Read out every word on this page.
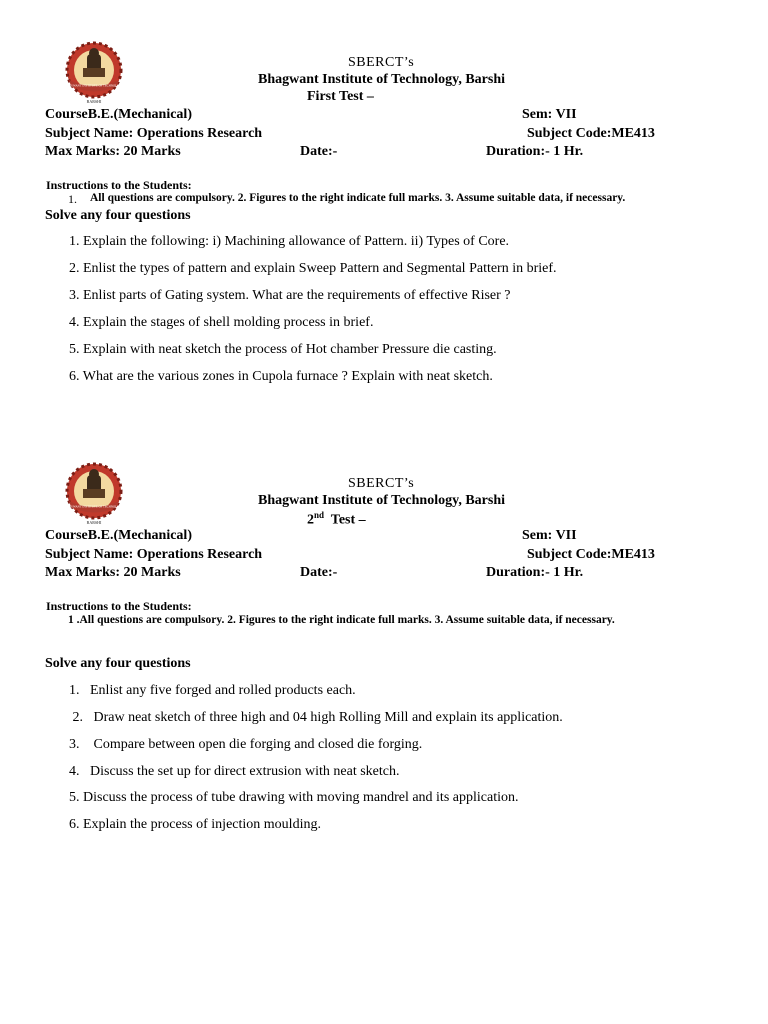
BHAGWANT INSTITUTE OF TECHNOLOGY
BARSHI
SBERCT’s
Bhagwant Institute of Technology, Barshi
First Test –
CourseB.E.(Mechanical)	Sem: VII
Subject Name: Operations Research	Subject Code:ME413
Max Marks: 20 Marks	Date:-	Duration:- 1 Hr.
Instructions to the Students:
1. All questions are compulsory. 2. Figures to the right indicate full marks. 3. Assume suitable data, if necessary.
Solve any four questions
1. Explain the following: i) Machining allowance of Pattern. ii) Types of Core.
2. Enlist the types of pattern and explain Sweep Pattern and Segmental Pattern in brief.
3. Enlist parts of Gating system. What are the requirements of effective Riser ?
4. Explain the stages of shell molding process in brief.
5. Explain with neat sketch the process of Hot chamber Pressure die casting.
6. What are the various zones in Cupola furnace ? Explain with neat sketch.
BHAGWANT INSTITUTE OF TECHNOLOGY
BARSHI
SBERCT’s
Bhagwant Institute of Technology, Barshi
2nd  Test –
CourseB.E.(Mechanical)	Sem: VII
Subject Name: Operations Research	Subject Code:ME413
Max Marks: 20 Marks	Date:-	Duration:- 1 Hr.
Instructions to the Students:
1 .All questions are compulsory. 2. Figures to the right indicate full marks. 3. Assume suitable data, if necessary.
Solve any four questions
1.   Enlist any five forged and rolled products each.
2.   Draw neat sketch of three high and 04 high Rolling Mill and explain its application.
3.    Compare between open die forging and closed die forging.
4.   Discuss the set up for direct extrusion with neat sketch.
5. Discuss the process of tube drawing with moving mandrel and its application.
6. Explain the process of injection moulding.
